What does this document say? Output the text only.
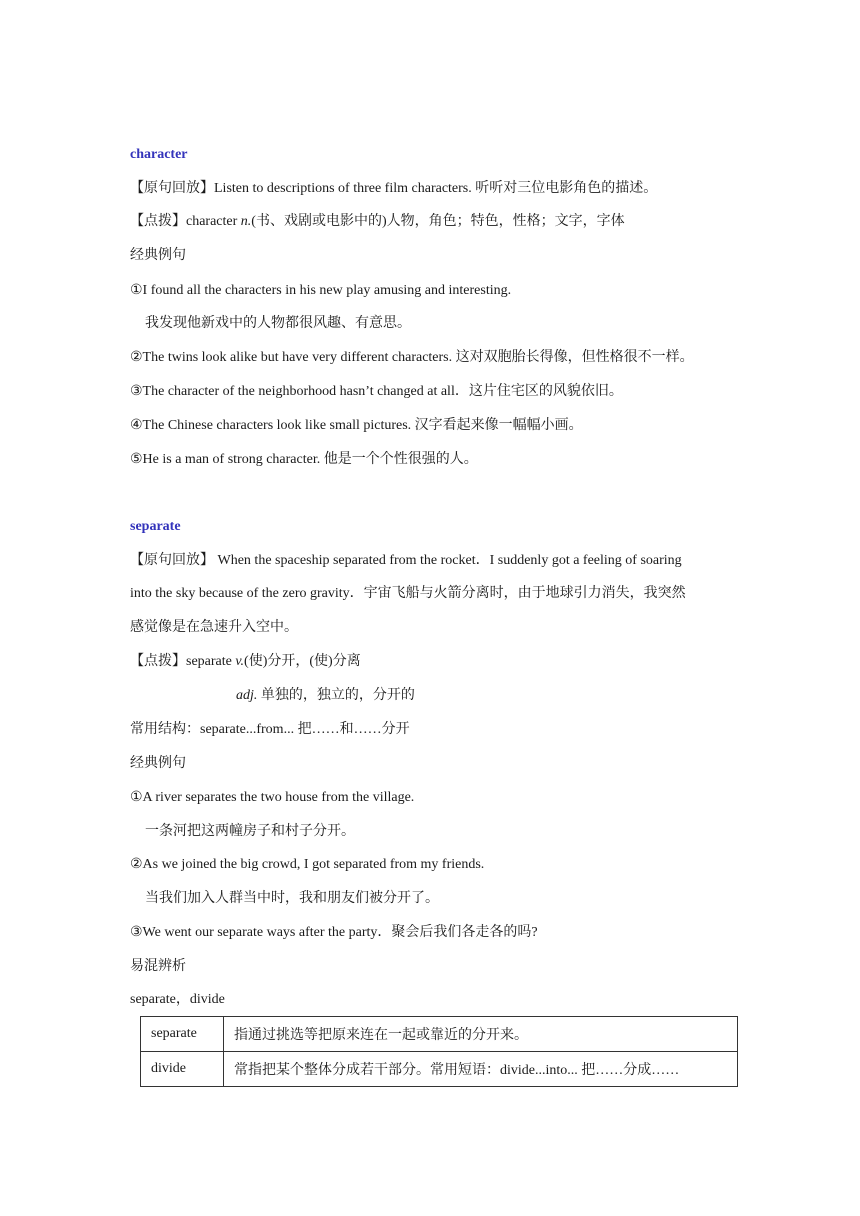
character
【原句回放】Listen to descriptions of three film characters. 听听对三位电影角色的描述。
【点拨】character n.(书、戏剧或电影中的)人物，角色；特色，性格；文字，字体
经典例句
①I found all the characters in his new play amusing and interesting.
我发现他新戏中的人物都很风趣、有意思。
②The twins look alike but have very different characters. 这对双胞胎长得像，但性格很不一样。
③The character of the neighborhood hasn’t changed at all．这片住宅区的风貌依旧。
④The Chinese characters look like small pictures. 汉字看起来像一幅幅小画。
⑤He is a man of strong character. 他是一个个性很强的人。
separate
【原句回放】 When the spaceship separated from the rocket．I suddenly got a feeling of soaring
into the sky because of the zero gravity．宇宙飞船与火箭分离时，由于地球引力消失，我突然
感觉像是在急速升入空中。
【点拨】separate v.(使)分开，(使)分离
adj. 单独的，独立的，分开的
常用结构：separate...from... 把……和……分开
经典例句
①A river separates the two house from the village.
一条河把这两幢房子和村子分开。
②As we joined the big crowd, I got separated from my friends.
当我们加入人群当中时，我和朋友们被分开了。
③We went our separate ways after the party．聚会后我们各走各的吗?
易混辨析
separate，divide
separate	指通过挑选等把原来连在一起或靠近的分开来。
divide	常指把某个整体分成若干部分。常用短语：divide...into... 把……分成……
